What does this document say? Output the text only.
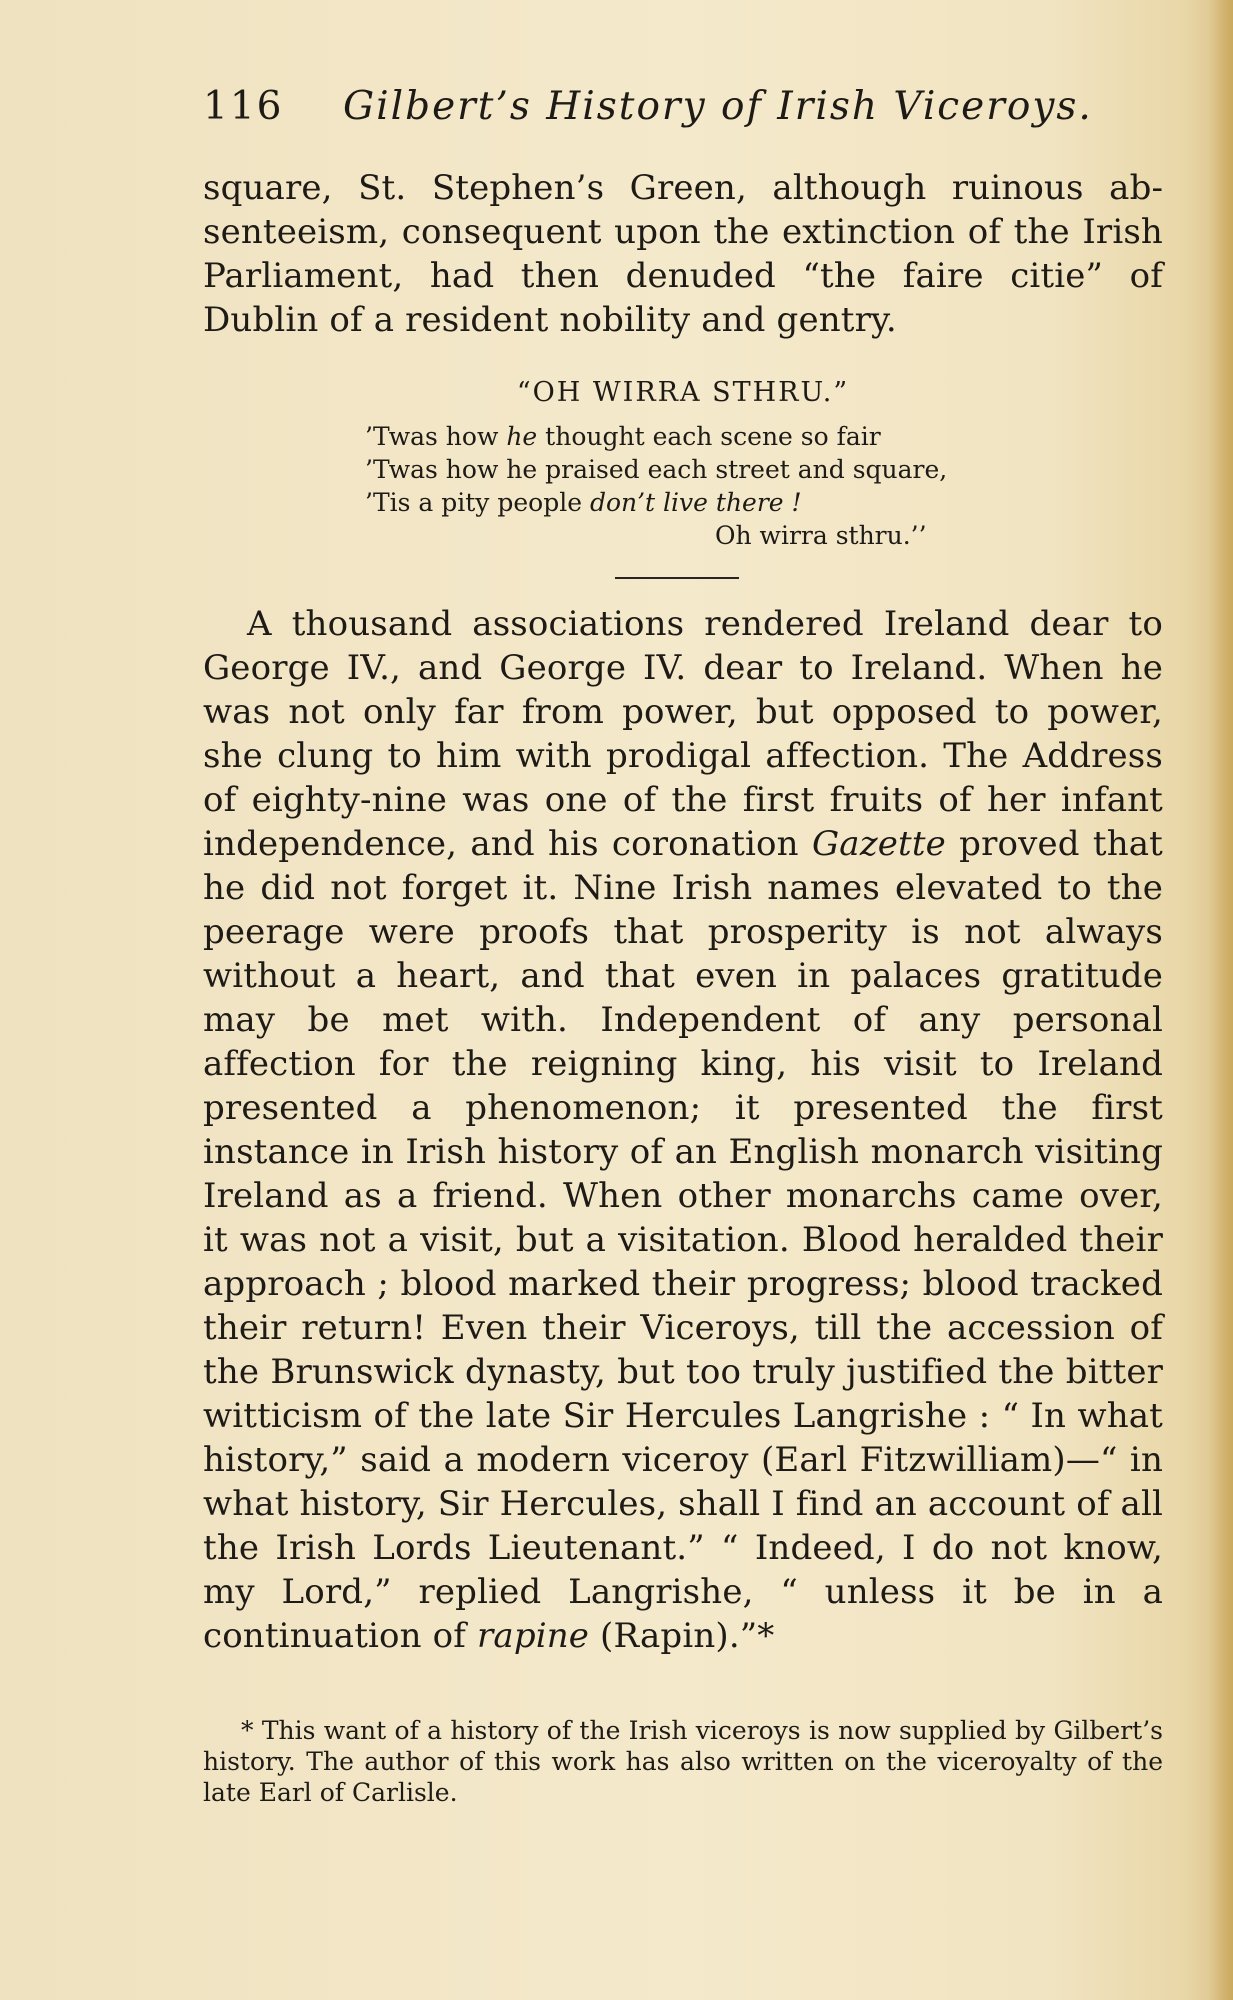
116 Gilbert’s History of Irish Viceroys.

square, St. Stephen’s Green, although ruinous absenteeism, consequent upon the extinction of the Irish Parliament, had then denuded “the faire citie” of Dublin of a resident nobility and gentry.

“OH WIRRA STHRU.”
’Twas how he thought each scene so fair
’Twas how he praised each street and square,
’Tis a pity people don’t live there !
Oh wirra sthru.’’

A thousand associations rendered Ireland dear to George IV., and George IV. dear to Ireland. When he was not only far from power, but opposed to power, she clung to him with prodigal affection. The Address of eighty-nine was one of the first fruits of her infant independence, and his coronation Gazette proved that he did not forget it. Nine Irish names elevated to the peerage were proofs that prosperity is not always without a heart, and that even in palaces gratitude may be met with. Independent of any personal affection for the reigning king, his visit to Ireland presented a phenomenon; it presented the first instance in Irish history of an English monarch visiting Ireland as a friend. When other monarchs came over, it was not a visit, but a visitation. Blood heralded their approach ; blood marked their progress; blood tracked their return! Even their Viceroys, till the accession of the Brunswick dynasty, but too truly justified the bitter witticism of the late Sir Hercules Langrishe : “ In what history,” said a modern viceroy (Earl Fitzwilliam)—“ in what history, Sir Hercules, shall I find an account of all the Irish Lords Lieutenant.” “ Indeed, I do not know, my Lord,” replied Langrishe, “ unless it be in a continuation of rapine (Rapin).”*

* This want of a history of the Irish viceroys is now supplied by Gilbert’s history. The author of this work has also written on the viceroyalty of the late Earl of Carlisle.
